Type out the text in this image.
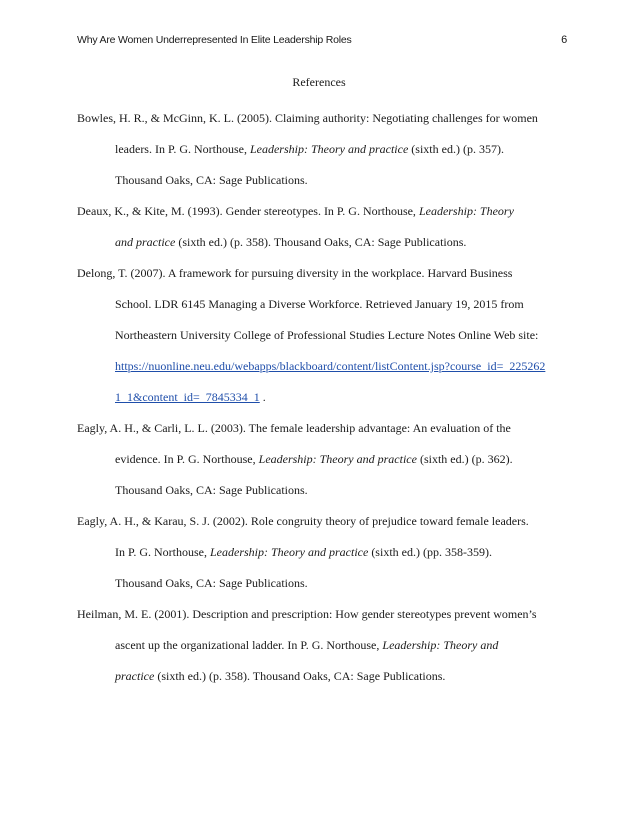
Why Are Women Underrepresented In Elite Leadership Roles	6
References
Bowles, H. R., & McGinn, K. L. (2005). Claiming authority: Negotiating challenges for women
leaders. In P. G. Northouse, Leadership: Theory and practice (sixth ed.) (p. 357).
Thousand Oaks, CA: Sage Publications.
Deaux, K., & Kite, M. (1993). Gender stereotypes. In P. G. Northouse, Leadership: Theory
and practice (sixth ed.) (p. 358). Thousand Oaks, CA: Sage Publications.
Delong, T. (2007). A framework for pursuing diversity in the workplace. Harvard Business
School. LDR 6145 Managing a Diverse Workforce. Retrieved January 19, 2015 from
Northeastern University College of Professional Studies Lecture Notes Online Web site:
https://nuonline.neu.edu/webapps/blackboard/content/listContent.jsp?course_id=_225262
1_1&content_id=_7845334_1 .
Eagly, A. H., & Carli, L. L. (2003). The female leadership advantage: An evaluation of the
evidence. In P. G. Northouse, Leadership: Theory and practice (sixth ed.) (p. 362).
Thousand Oaks, CA: Sage Publications.
Eagly, A. H., & Karau, S. J. (2002). Role congruity theory of prejudice toward female leaders.
In P. G. Northouse, Leadership: Theory and practice (sixth ed.) (pp. 358-359).
Thousand Oaks, CA: Sage Publications.
Heilman, M. E. (2001). Description and prescription: How gender stereotypes prevent women’s
ascent up the organizational ladder. In P. G. Northouse, Leadership: Theory and
practice (sixth ed.) (p. 358). Thousand Oaks, CA: Sage Publications.
